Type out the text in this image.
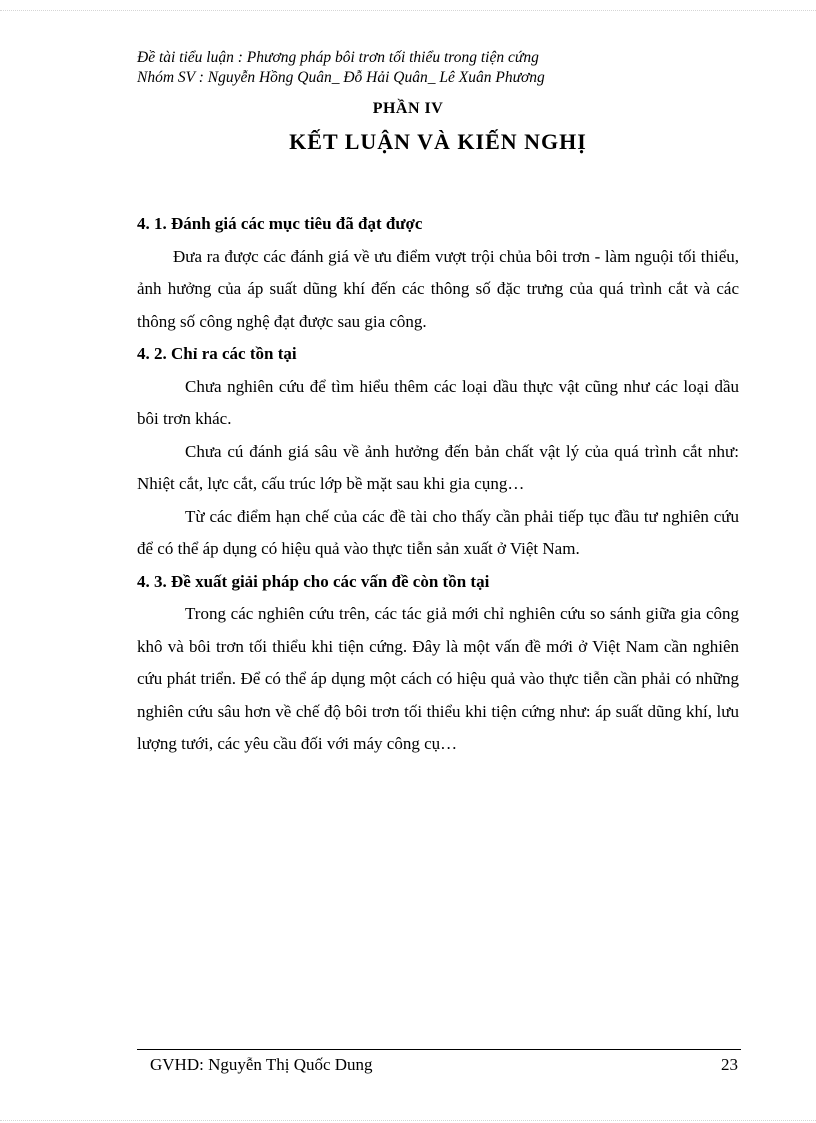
Đề tài tiểu luận : Phương pháp bôi trơn tối thiểu trong tiện cứng
Nhóm SV : Nguyễn Hồng Quân_ Đỗ Hải Quân_ Lê Xuân Phương
PHẦN IV
KẾT LUẬN VÀ KIẾN NGHỊ

4. 1. Đánh giá các mục tiêu đã đạt được

Đưa ra được các đánh giá về ưu điểm vượt trội chủa bôi trơn - làm nguội tối thiểu, ảnh hưởng của áp suất dũng khí đến các thông số đặc trưng của quá trình cắt và các thông số công nghệ đạt được sau gia công.

4. 2. Chỉ ra các tồn tại

Chưa nghiên cứu để tìm hiểu thêm các loại dầu thực vật cũng như các loại dầu bôi trơn khác.

Chưa cú đánh giá sâu về ảnh hưởng đến bản chất vật lý của quá trình cắt như: Nhiệt cắt, lực cắt, cấu trúc lớp bề mặt sau khi gia cụng…

Từ các điểm hạn chế của các đề tài cho thấy cần phải tiếp tục đầu tư nghiên cứu để có thể áp dụng có hiệu quả vào thực tiễn sản xuất ở Việt Nam.

4. 3. Đề xuất giải pháp cho các vấn đề còn tồn tại

Trong các nghiên cứu trên, các tác giả mới chỉ nghiên cứu so sánh giữa gia công khô và bôi trơn tối thiểu khi tiện cứng. Đây là một vấn đề mới ở Việt Nam cần nghiên cứu phát triển. Để có thể áp dụng một cách có hiệu quả vào thực tiễn cần phải có những nghiên cứu sâu hơn về chế độ bôi trơn tối thiểu khi tiện cứng như: áp suất dũng khí, lưu lượng tưới, các yêu cầu đối với máy công cụ…

GVHD: Nguyễn Thị Quốc Dung	23
